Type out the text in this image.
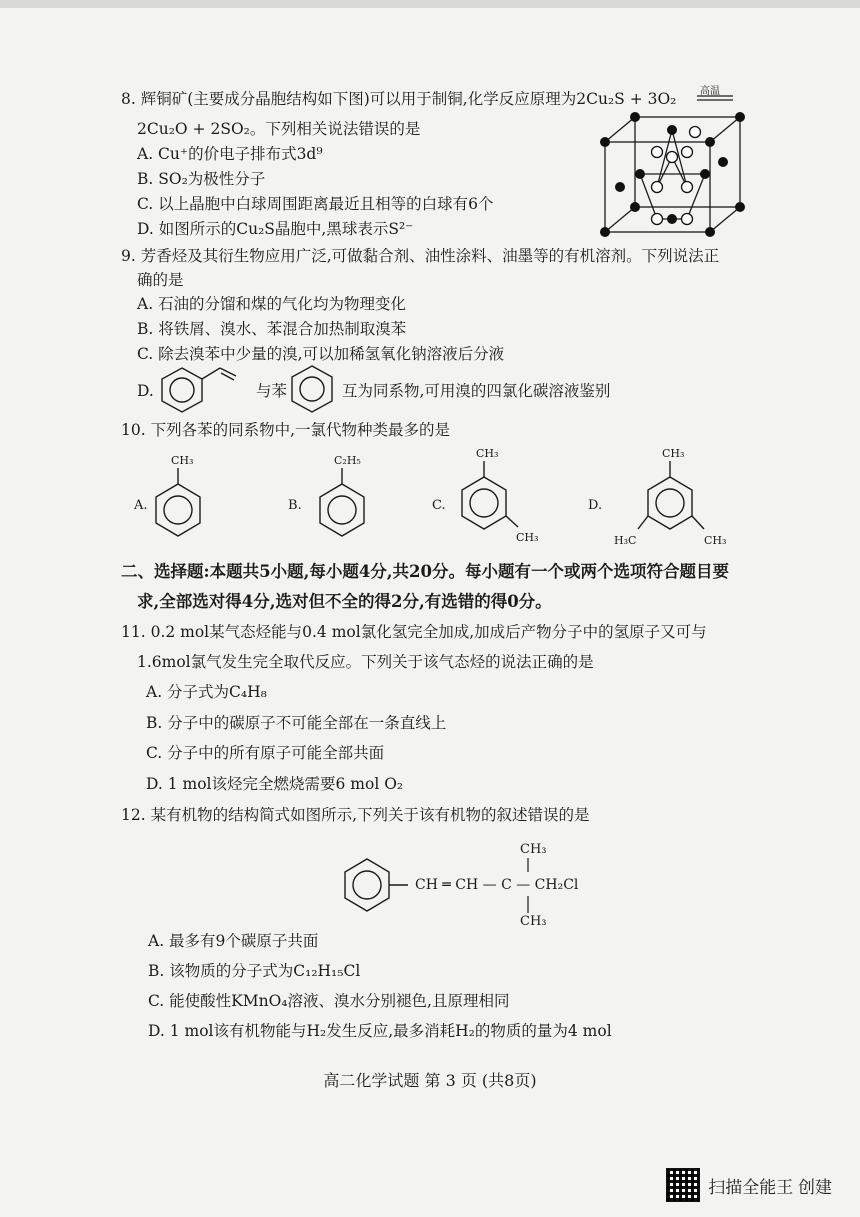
8. 辉铜矿(主要成分晶胞结构如下图)可以用于制铜,化学反应原理为2Cu₂S + 3O₂ 高温
2Cu₂O + 2SO₂。下列相关说法错误的是
A. Cu⁺的价电子排布式3d⁹
B. SO₂为极性分子
C. 以上晶胞中白球周围距离最近且相等的白球有6个
D. 如图所示的Cu₂S晶胞中,黑球表示S²⁻
9. 芳香烃及其衍生物应用广泛,可做黏合剂、油性涂料、油墨等的有机溶剂。下列说法正
确的是
A. 石油的分馏和煤的气化均为物理变化
B. 将铁屑、溴水、苯混合加热制取溴苯
C. 除去溴苯中少量的溴,可以加稀氢氧化钠溶液后分液
D.	与苯	互为同系物,可用溴的四氯化碳溶液鉴别
10. 下列各苯的同系物中,一氯代物种类最多的是
A.
CH₃
B.
C₂H₅
C.
CH₃
CH₃
D.
CH₃
H₃C	CH₃
二、选择题:本题共5小题,每小题4分,共20分。每小题有一个或两个选项符合题目要
求,全部选对得4分,选对但不全的得2分,有选错的得0分。
11. 0.2 mol某气态烃能与0.4 mol氯化氢完全加成,加成后产物分子中的氢原子又可与
1.6mol氯气发生完全取代反应。下列关于该气态烃的说法正确的是
A. 分子式为C₄H₈
B. 分子中的碳原子不可能全部在一条直线上
C. 分子中的所有原子可能全部共面
D. 1 mol该烃完全燃烧需要6 mol O₂
12. 某有机物的结构简式如图所示,下列关于该有机物的叙述错误的是
CH ═ CH — C — CH₂Cl
CH₃
CH₃
A. 最多有9个碳原子共面
B. 该物质的分子式为C₁₂H₁₅Cl
C. 能使酸性KMnO₄溶液、溴水分别褪色,且原理相同
D. 1 mol该有机物能与H₂发生反应,最多消耗H₂的物质的量为4 mol
高二化学试题 第 3 页 (共8页)
扫描全能王 创建
